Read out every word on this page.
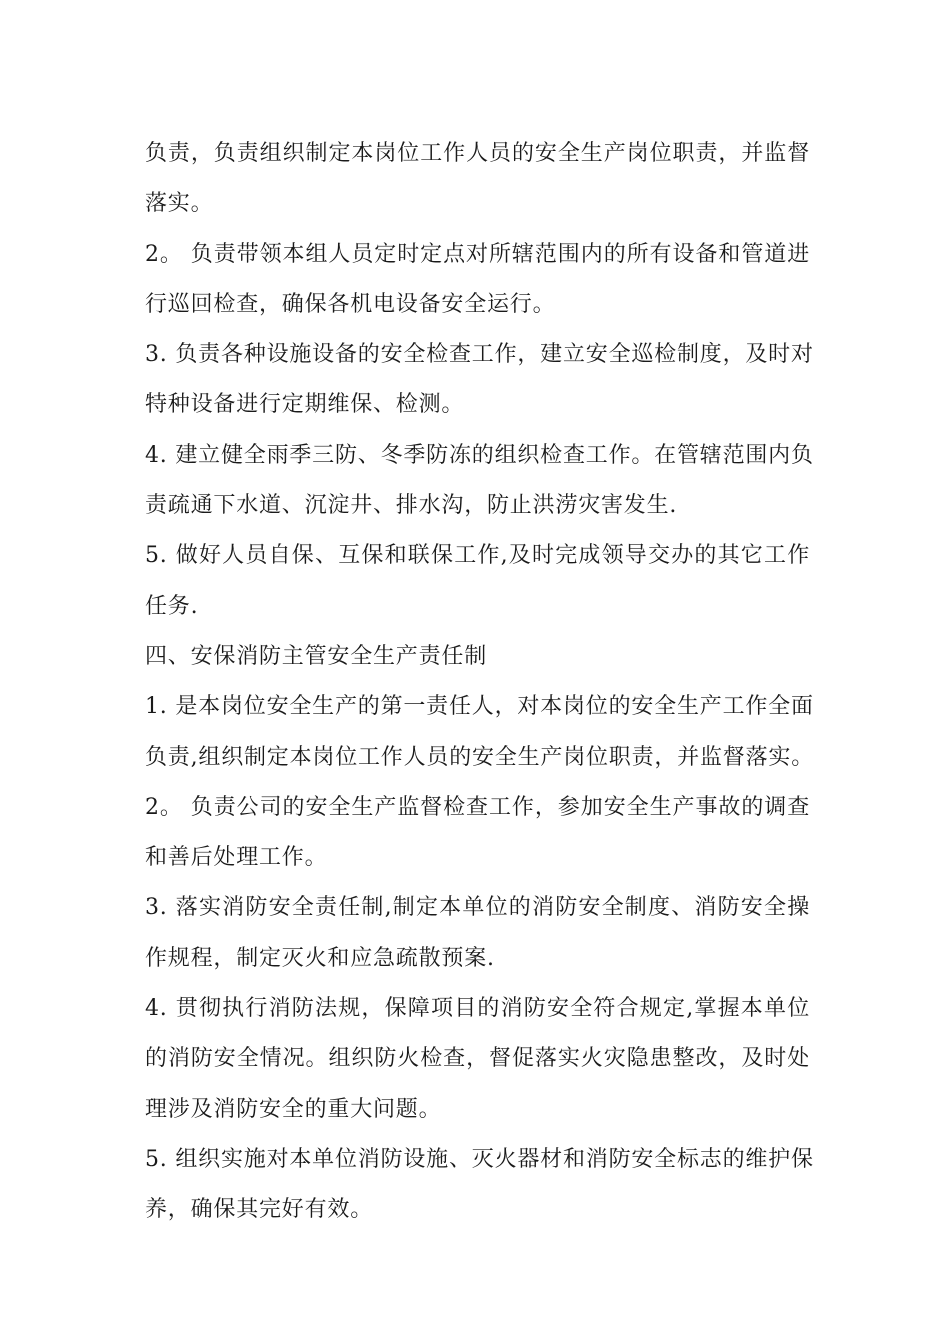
负责，负责组织制定本岗位工作人员的安全生产岗位职责，并监督
落实。
2。 负责带领本组人员定时定点对所辖范围内的所有设备和管道进
行巡回检查，确保各机电设备安全运行。
3. 负责各种设施设备的安全检查工作，建立安全巡检制度，及时对
特种设备进行定期维保、检测。
4. 建立健全雨季三防、冬季防冻的组织检查工作。在管辖范围内负
责疏通下水道、沉淀井、排水沟，防止洪涝灾害发生.
5. 做好人员自保、互保和联保工作,及时完成领导交办的其它工作
任务.
四、安保消防主管安全生产责任制
1. 是本岗位安全生产的第一责任人，对本岗位的安全生产工作全面
负责,组织制定本岗位工作人员的安全生产岗位职责，并监督落实。
2。 负责公司的安全生产监督检查工作，参加安全生产事故的调查
和善后处理工作。
3. 落实消防安全责任制,制定本单位的消防安全制度、消防安全操
作规程，制定灭火和应急疏散预案.
4. 贯彻执行消防法规，保障项目的消防安全符合规定,掌握本单位
的消防安全情况。组织防火检查，督促落实火灾隐患整改，及时处
理涉及消防安全的重大问题。
5. 组织实施对本单位消防设施、灭火器材和消防安全标志的维护保
养，确保其完好有效。
